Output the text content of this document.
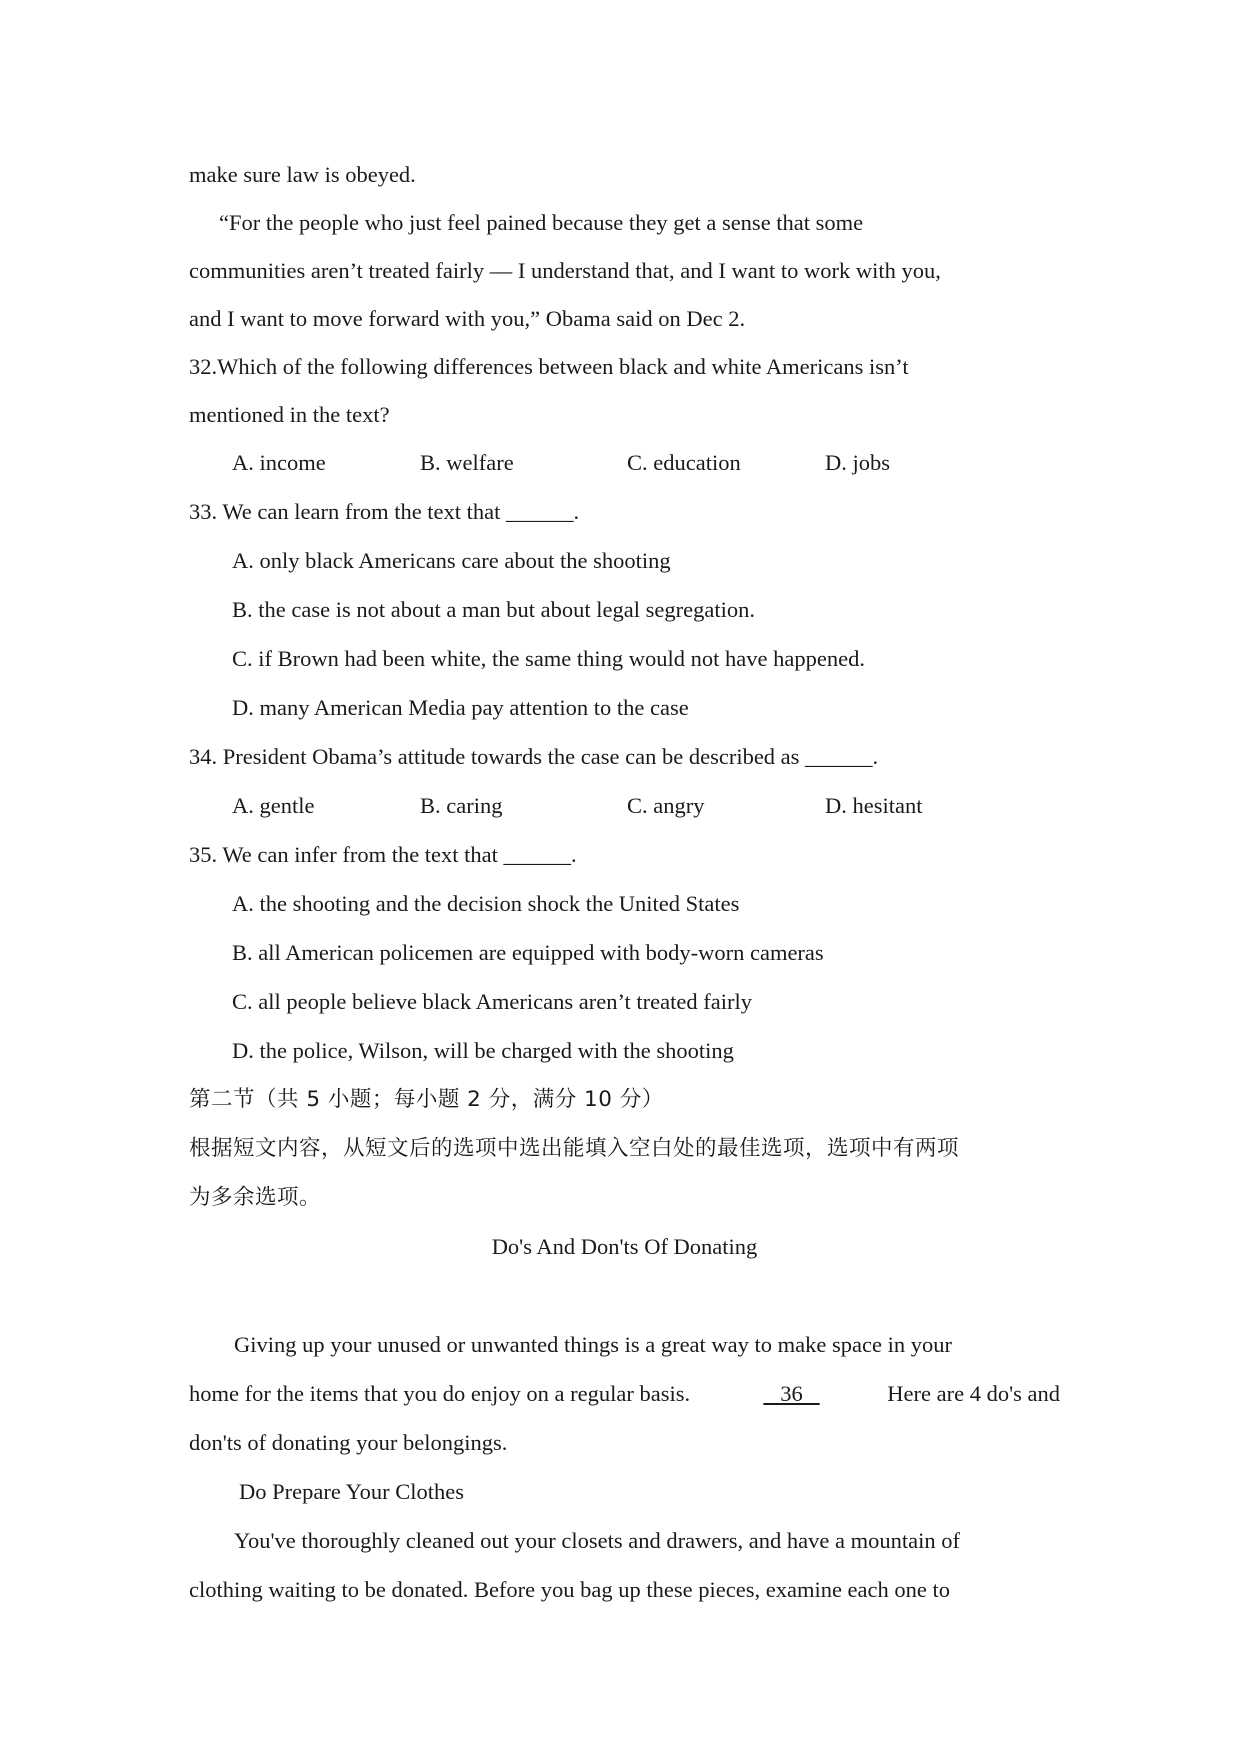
make sure law is obeyed.
“For the people who just feel pained because they get a sense that some
communities aren’t treated fairly — I understand that, and I want to work with you,
and I want to move forward with you,” Obama said on Dec 2.
32.Which of the following differences between black and white Americans isn’t
mentioned in the text?
A. income	B. welfare	C. education	D. jobs
33. We can learn from the text that ______.
A. only black Americans care about the shooting
B. the case is not about a man but about legal segregation.
C. if Brown had been white, the same thing would not have happened.
D. many American Media pay attention to the case
34. President Obama’s attitude towards the case can be described as ______.
A. gentle	B. caring	C. angry	D. hesitant
35. We can infer from the text that ______.
A. the shooting and the decision shock the United States
B. all American policemen are equipped with body-worn cameras
C. all people believe black Americans aren’t treated fairly
D. the police, Wilson, will be charged with the shooting
第二节（共 5 小题；每小题 2 分，满分 10 分）
根据短文内容，从短文后的选项中选出能填入空白处的最佳选项，选项中有两项
为多余选项。
Do's And Don'ts Of Donating
Giving up your unused or unwanted things is a great way to make space in your
home for the items that you do enjoy on a regular basis.	36	Here are 4 do's and
don'ts of donating your belongings.
Do Prepare Your Clothes
You've thoroughly cleaned out your closets and drawers, and have a mountain of
clothing waiting to be donated. Before you bag up these pieces, examine each one to
